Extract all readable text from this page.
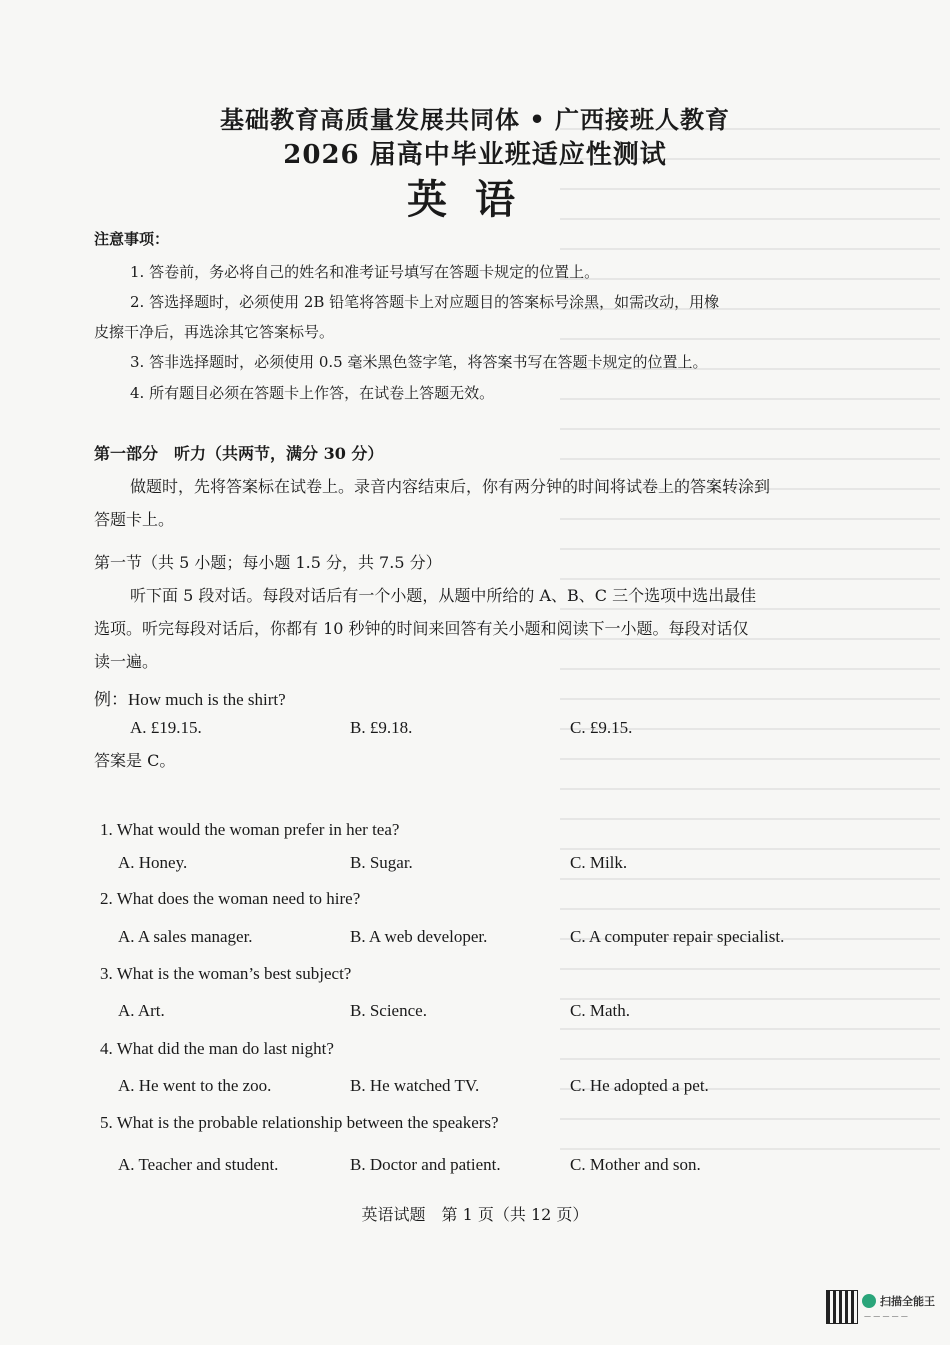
基础教育高质量发展共同体 • 广西接班人教育
2026 届高中毕业班适应性测试
英语
注意事项：
1. 答卷前，务必将自己的姓名和准考证号填写在答题卡规定的位置上。
2. 答选择题时，必须使用 2B 铅笔将答题卡上对应题目的答案标号涂黑，如需改动，用橡
皮擦干净后，再选涂其它答案标号。
3. 答非选择题时，必须使用 0.5 毫米黑色签字笔，将答案书写在答题卡规定的位置上。
4. 所有题目必须在答题卡上作答，在试卷上答题无效。
第一部分　听力（共两节，满分 30 分）
做题时，先将答案标在试卷上。录音内容结束后，你有两分钟的时间将试卷上的答案转涂到
答题卡上。
第一节（共 5 小题；每小题 1.5 分，共 7.5 分）
听下面 5 段对话。每段对话后有一个小题，从题中所给的 A、B、C 三个选项中选出最佳
选项。听完每段对话后，你都有 10 秒钟的时间来回答有关小题和阅读下一小题。每段对话仅
读一遍。
例：How much is the shirt?
A. £19.15.	B. £9.18.	C. £9.15.
答案是 C。
1. What would the woman prefer in her tea?
A. Honey.	B. Sugar.	C. Milk.
2. What does the woman need to hire?
A. A sales manager.	B. A web developer.	C. A computer repair specialist.
3. What is the woman’s best subject?
A. Art.	B. Science.	C. Math.
4. What did the man do last night?
A. He went to the zoo.	B. He watched TV.	C. He adopted a pet.
5. What is the probable relationship between the speakers?
A. Teacher and student.	B. Doctor and patient.	C. Mother and son.
英语试题　第 1 页（共 12 页）
扫描全能王
— — — — —
